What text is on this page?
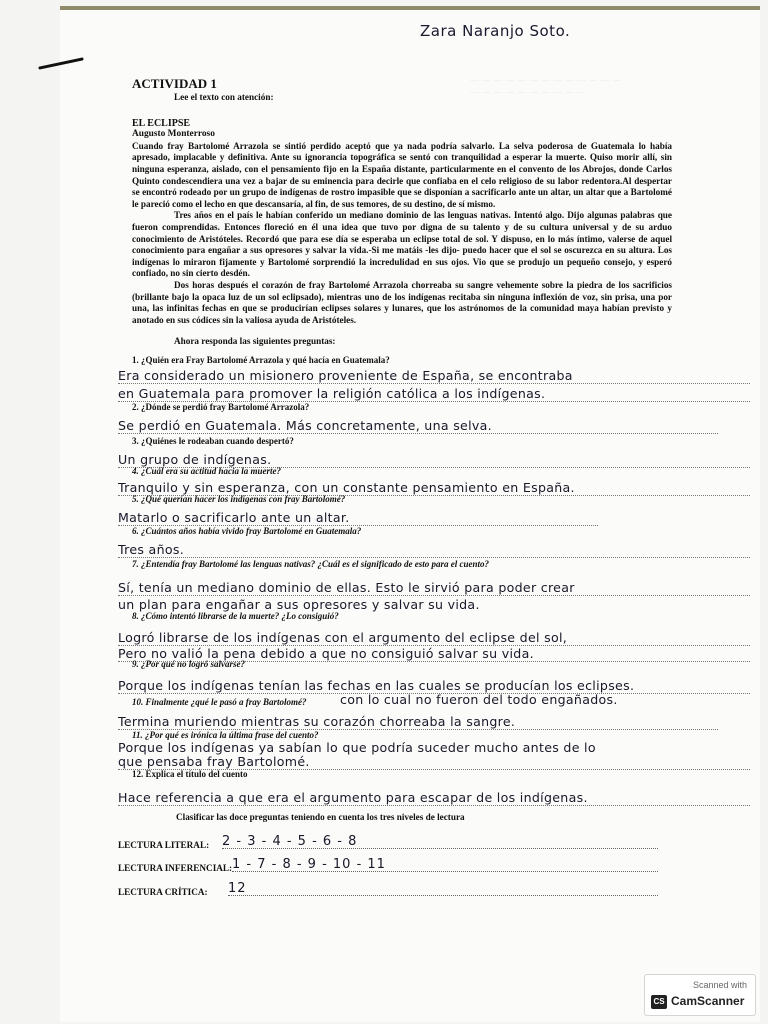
Zara Naranjo Soto.
— — — — — — — — — — — — —
— — — — — — — — — —

ACTIVIDAD 1

Lee el texto con atención:

EL ECLIPSE
Augusto Monterroso

Cuando fray Bartolomé Arrazola se sintió perdido aceptó que ya nada podría salvarlo. La selva poderosa de Guatemala lo había apresado, implacable y definitiva. Ante su ignorancia topográfica se sentó con tranquilidad a esperar la muerte. Quiso morir allí, sin ninguna esperanza, aislado, con el pensamiento fijo en la España distante, particularmente en el convento de los Abrojos, donde Carlos Quinto condescendiera una vez a bajar de su eminencia para decirle que confiaba en el celo religioso de su labor redentora.Al despertar se encontró rodeado por un grupo de indígenas de rostro impasible que se disponían a sacrificarlo ante un altar, un altar que a Bartolomé le pareció como el lecho en que descansaría, al fin, de sus temores, de su destino, de sí mismo.

Tres años en el país le habían conferido un mediano dominio de las lenguas nativas. Intentó algo. Dijo algunas palabras que fueron comprendidas. Entonces floreció en él una idea que tuvo por digna de su talento y de su cultura universal y de su arduo conocimiento de Aristóteles. Recordó que para ese día se esperaba un eclipse total de sol. Y dispuso, en lo más íntimo, valerse de aquel conocimiento para engañar a sus opresores y salvar la vida.-Si me matáis -les dijo- puedo hacer que el sol se oscurezca en su altura. Los indígenas lo miraron fijamente y Bartolomé sorprendió la incredulidad en sus ojos. Vio que se produjo un pequeño consejo, y esperó confiado, no sin cierto desdén.

Dos horas después el corazón de fray Bartolomé Arrazola chorreaba su sangre vehemente sobre la piedra de los sacrificios (brillante bajo la opaca luz de un sol eclipsado), mientras uno de los indígenas recitaba sin ninguna inflexión de voz, sin prisa, una por una, las infinitas fechas en que se producirían eclipses solares y lunares, que los astrónomos de la comunidad maya habían previsto y anotado en sus códices sin la valiosa ayuda de Aristóteles.

Ahora responda las siguientes preguntas:

1. ¿Quién era Fray Bartolomé Arrazola y qué hacía en Guatemala?
Era considerado un misionero proveniente de España, se encontraba
en Guatemala para promover la religión católica a los indígenas.
2. ¿Dónde se perdió fray Bartolomé Arrazola?
Se perdió en Guatemala. Más concretamente, una selva.
3. ¿Quiénes le rodeaban cuando despertó?
Un grupo de indígenas.
4. ¿Cuál era su actitud hacia la muerte?
Tranquilo y sin esperanza, con un constante pensamiento en España.
5. ¿Qué querían hacer los indígenas con fray Bartolomé?
Matarlo o sacrificarlo ante un altar.
6. ¿Cuántos años había vivido fray Bartolomé en Guatemala?
Tres años.
7. ¿Entendía fray Bartolomé las lenguas nativas? ¿Cuál es el significado de esto para el cuento?
Sí, tenía un mediano dominio de ellas. Esto le sirvió para poder crear
un plan para engañar a sus opresores y salvar su vida.
8. ¿Cómo intentó librarse de la muerte? ¿Lo consiguió?
Logró librarse de los indígenas con el argumento del eclipse del sol,
Pero no valió la pena debido a que no consiguió salvar su vida.
9. ¿Por qué no logró salvarse?
Porque los indígenas tenían las fechas en las cuales se producían los eclipses.
con lo cual no fueron del todo engañados.
10. Finalmente ¿qué le pasó a fray Bartolomé?
Termina muriendo mientras su corazón chorreaba la sangre.
11. ¿Por qué es irónica la última frase del cuento?
Porque los indígenas ya sabían lo que podría suceder mucho antes de lo
que pensaba fray Bartolomé.
12. Explica el título del cuento
Hace referencia a que era el argumento para escapar de los indígenas.
Clasificar las doce preguntas teniendo en cuenta los tres niveles de lectura
LECTURA LITERAL: 2 - 3 - 4 - 5 - 6 - 8
LECTURA INFERENCIAL: 1 - 7 - 8 - 9 - 10 - 11
LECTURA CRÍTICA: 12
Scanned with
CS CamScanner
